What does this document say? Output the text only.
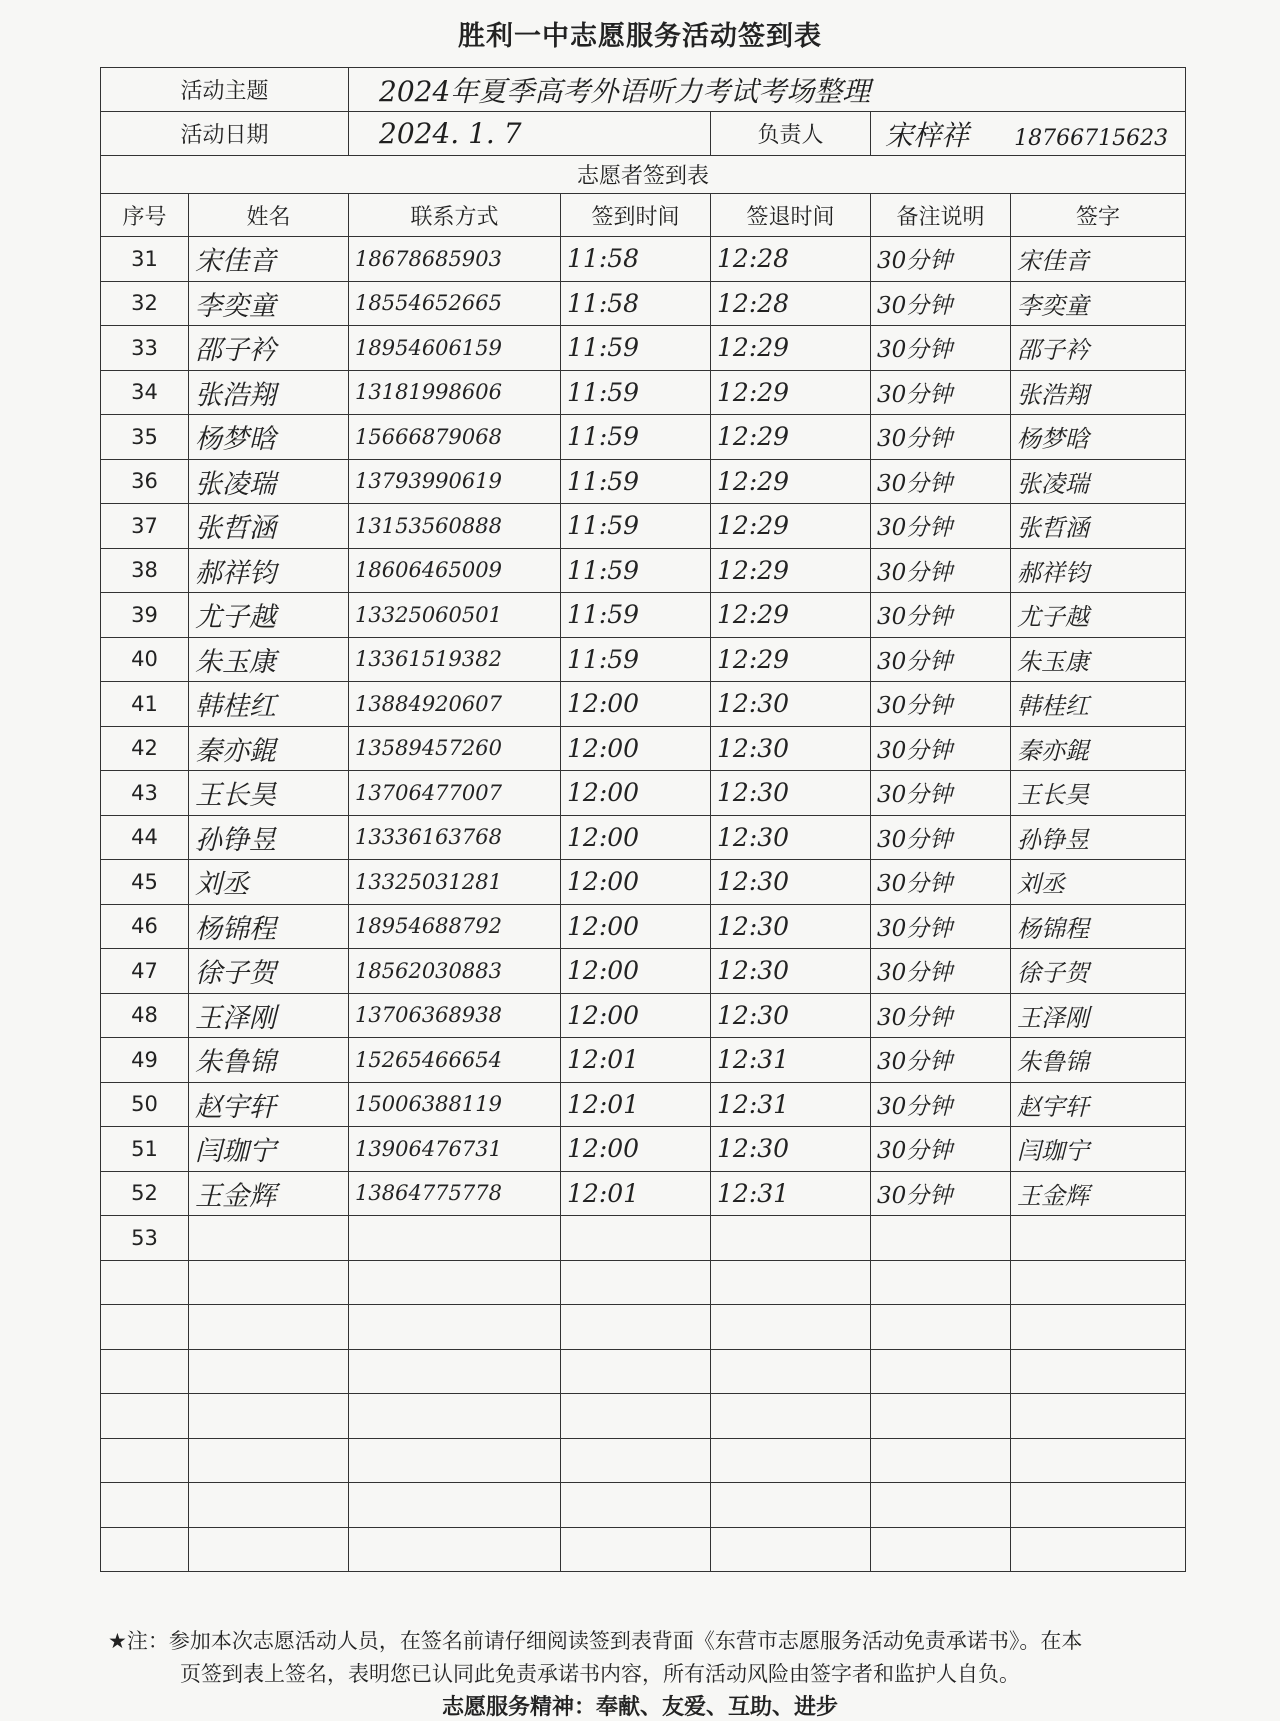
胜利一中志愿服务活动签到表
活动主题		2024年夏季高考外语听力考试考场整理				
活动日期		2024. 1. 7		负责人	宋梓祥 18766715623	
志愿者签到表						
序号	姓名	联系方式	签到时间	签退时间	备注说明	签字
31	宋佳音	18678685903	11:58	12:28	30分钟	宋佳音
32	李奕童	18554652665	11:58	12:28	30分钟	李奕童
33	邵子衿	18954606159	11:59	12:29	30分钟	邵子衿
34	张浩翔	13181998606	11:59	12:29	30分钟	张浩翔
35	杨梦晗	15666879068	11:59	12:29	30分钟	杨梦晗
36	张凌瑞	13793990619	11:59	12:29	30分钟	张凌瑞
37	张哲涵	13153560888	11:59	12:29	30分钟	张哲涵
38	郝祥钧	18606465009	11:59	12:29	30分钟	郝祥钧
39	尤子越	13325060501	11:59	12:29	30分钟	尤子越
40	朱玉康	13361519382	11:59	12:29	30分钟	朱玉康
41	韩桂红	13884920607	12:00	12:30	30分钟	韩桂红
42	秦亦錕	13589457260	12:00	12:30	30分钟	秦亦錕
43	王长昊	13706477007	12:00	12:30	30分钟	王长昊
44	孙铮昱	13336163768	12:00	12:30	30分钟	孙铮昱
45	刘丞	13325031281	12:00	12:30	30分钟	刘丞
46	杨锦程	18954688792	12:00	12:30	30分钟	杨锦程
47	徐子贺	18562030883	12:00	12:30	30分钟	徐子贺
48	王泽刚	13706368938	12:00	12:30	30分钟	王泽刚
49	朱鲁锦	15265466654	12:01	12:31	30分钟	朱鲁锦
50	赵宇轩	15006388119	12:01	12:31	30分钟	赵宇轩
51	闫珈宁	13906476731	12:00	12:30	30分钟	闫珈宁
52	王金辉	13864775778	12:01	12:31	30分钟	王金辉
53						

★注：参加本次志愿活动人员，在签名前请仔细阅读签到表背面《东营市志愿服务活动免责承诺书》。在本
页签到表上签名，表明您已认同此免责承诺书内容，所有活动风险由签字者和监护人自负。
志愿服务精神：奉献、友爱、互助、进步
